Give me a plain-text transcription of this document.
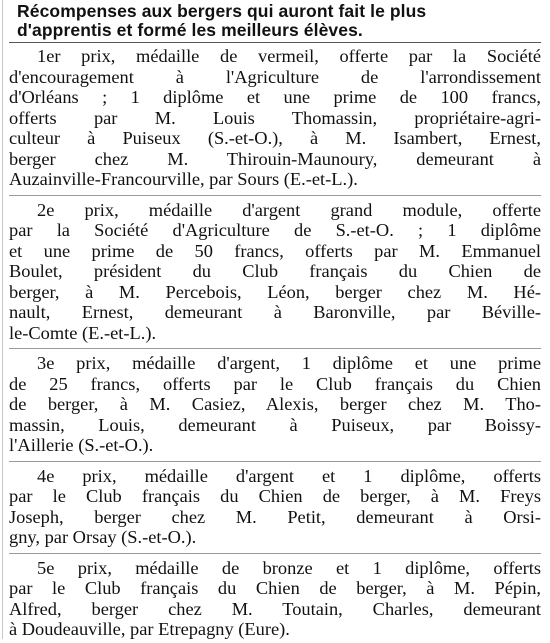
Récompenses aux bergers qui auront fait le plus
d'apprentis et formé les meilleurs élèves.
1er prix, médaille de vermeil, offerte par la Société
d'encouragement à l'Agriculture de l'arrondissement
d'Orléans ; 1 diplôme et une prime de 100 francs,
offerts par M. Louis Thomassin, propriétaire-agri-
culteur à Puiseux (S.-et-O.), à M. Isambert, Ernest,
berger chez M. Thirouin-Maunoury, demeurant à
Auzainville-Francourville, par Sours (E.-et-L.).
2e prix, médaille d'argent grand module, offerte
par la Société d'Agriculture de S.-et-O. ; 1 diplôme
et une prime de 50 francs, offerts par M. Emmanuel
Boulet, président du Club français du Chien de
berger, à M. Percebois, Léon, berger chez M. Hé-
nault, Ernest, demeurant à Baronville, par Béville-
le-Comte (E.-et-L.).
3e prix, médaille d'argent, 1 diplôme et une prime
de 25 francs, offerts par le Club français du Chien
de berger, à M. Casiez, Alexis, berger chez M. Tho-
massin, Louis, demeurant à Puiseux, par Boissy-
l'Aillerie (S.-et-O.).
4e prix, médaille d'argent et 1 diplôme, offerts
par le Club français du Chien de berger, à M. Freys
Joseph, berger chez M. Petit, demeurant à Orsi-
gny, par Orsay (S.-et-O.).
5e prix, médaille de bronze et 1 diplôme, offerts
par le Club français du Chien de berger, à M. Pépin,
Alfred, berger chez M. Toutain, Charles, demeurant
à Doudeauville, par Etrepagny (Eure).
